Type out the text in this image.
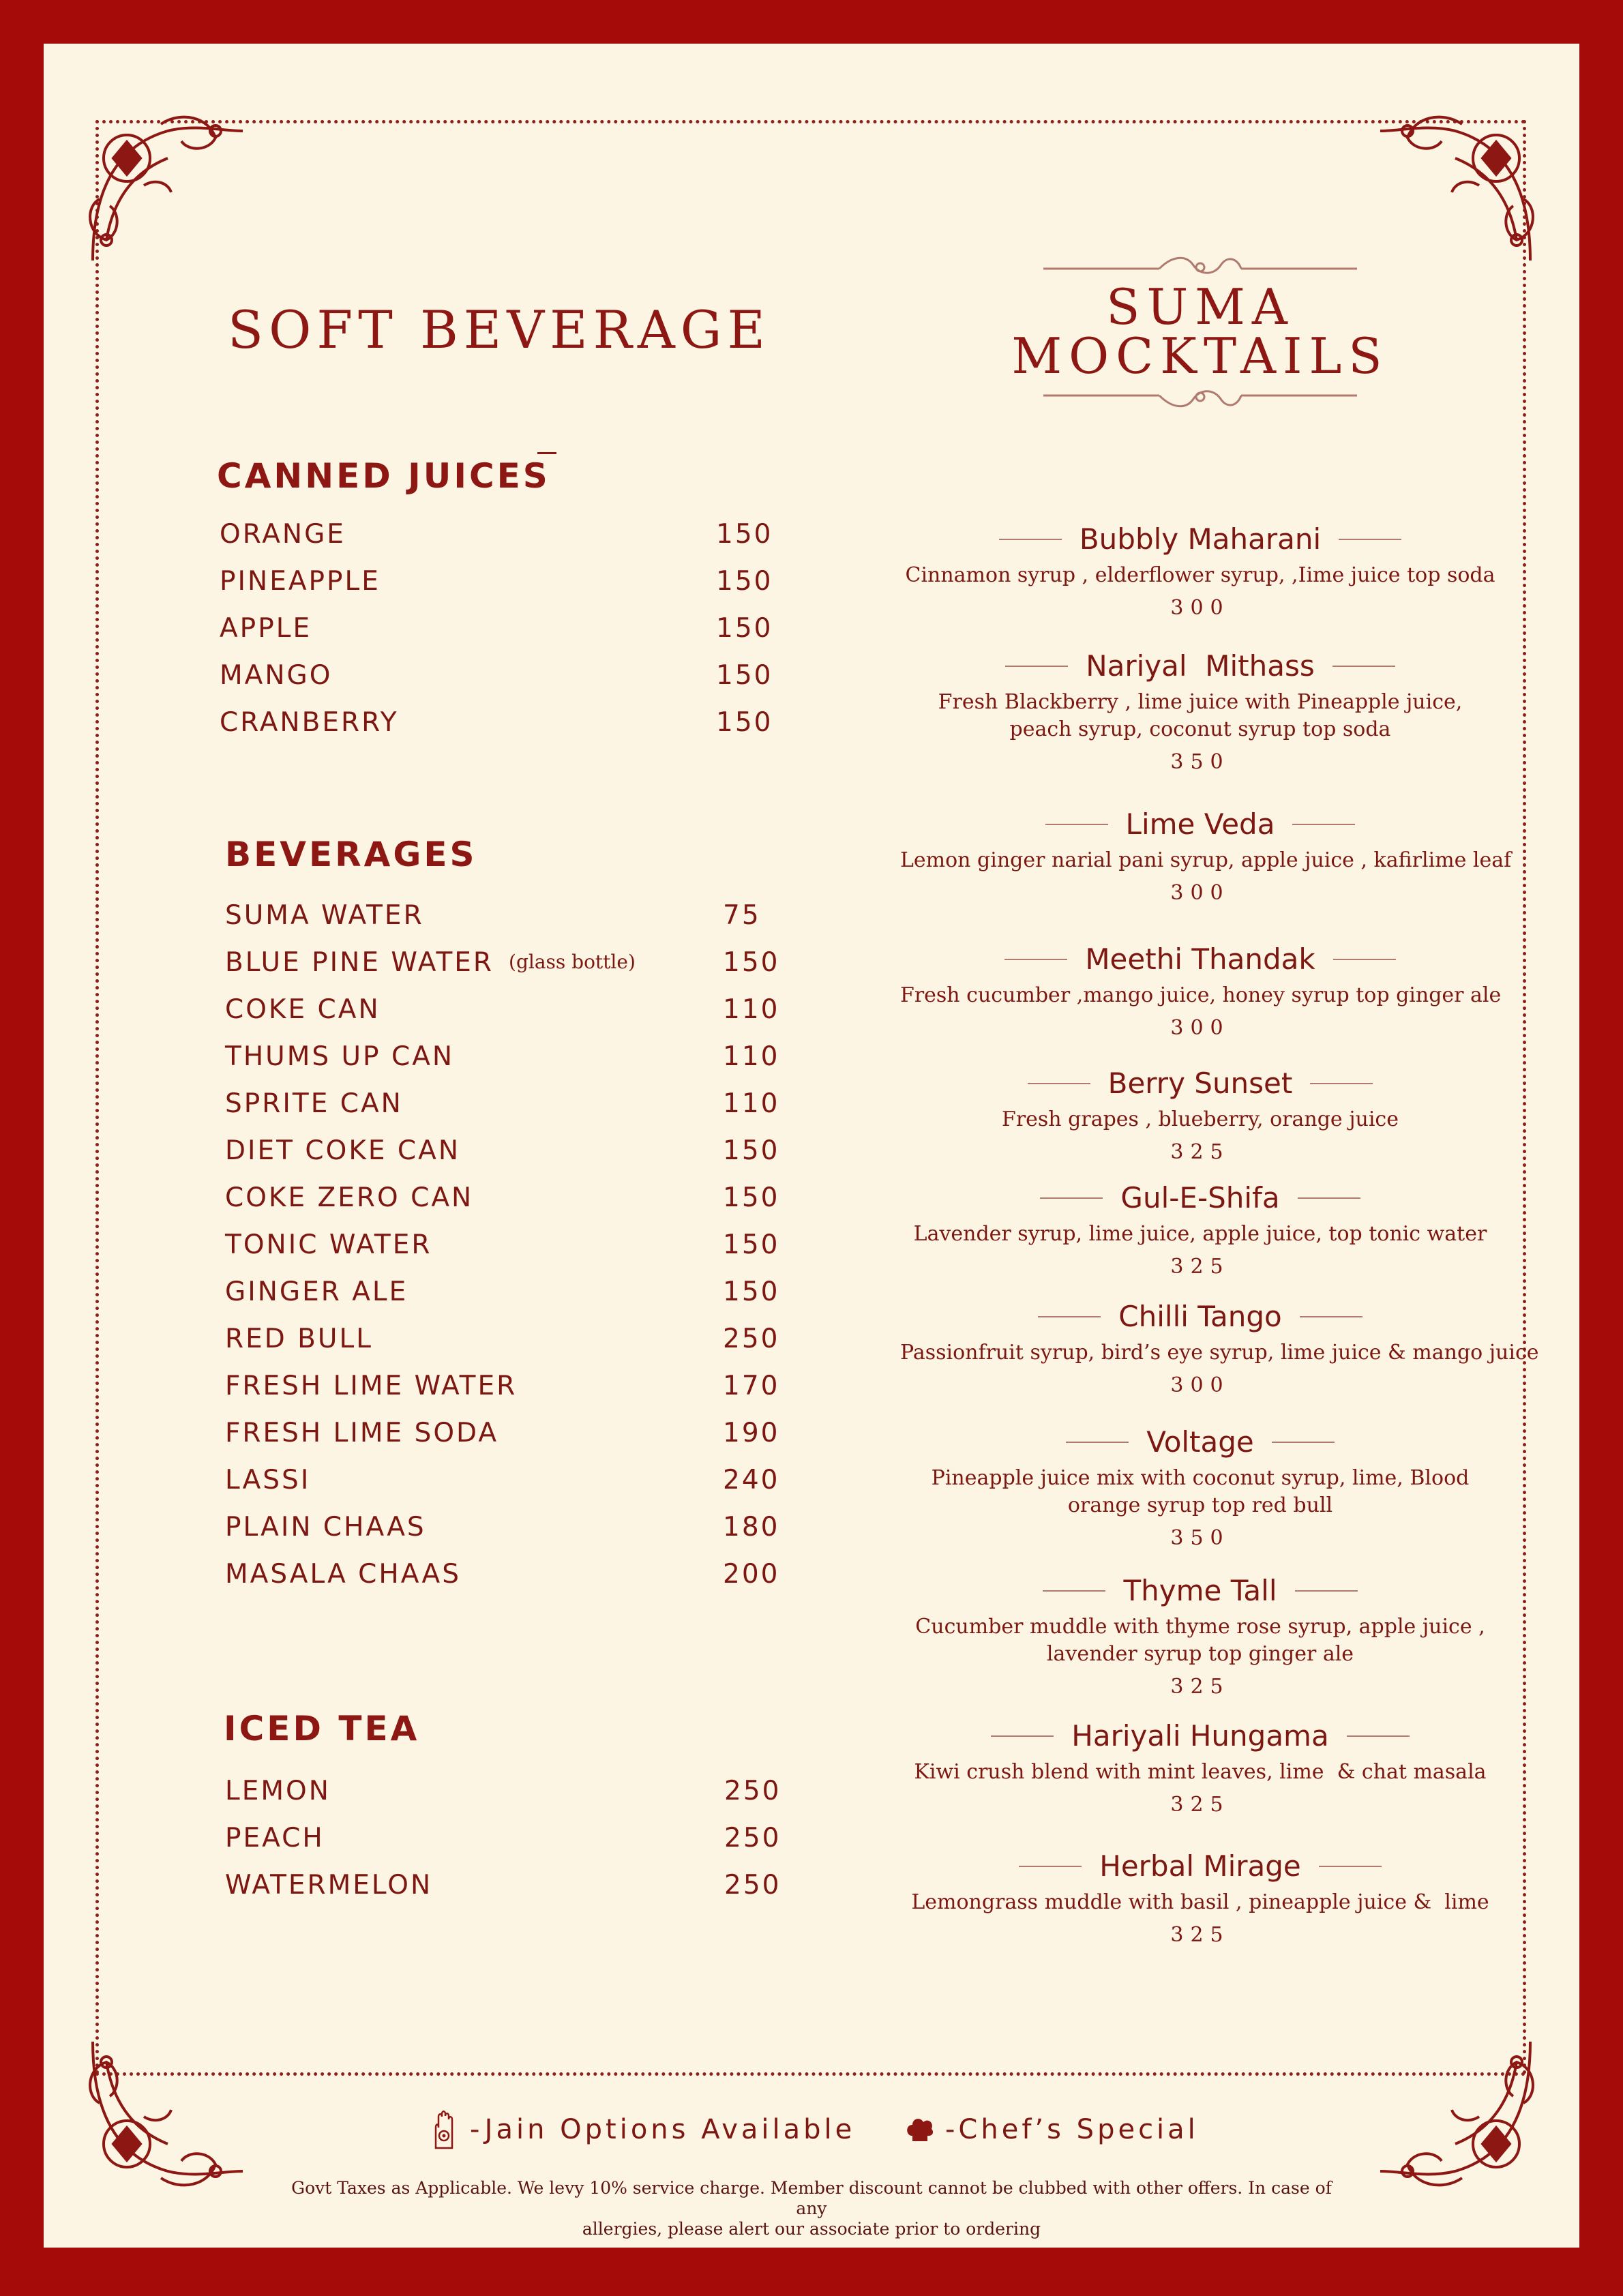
SOFT BEVERAGE
CANNED JUICES
ORANGE	150
PINEAPPLE	150
APPLE	150
MANGO	150
CRANBERRY	150
BEVERAGES
SUMA WATER	75
BLUE PINE WATER (glass bottle)	150
COKE CAN	110
THUMS UP CAN	110
SPRITE CAN	110
DIET COKE CAN	150
COKE ZERO CAN	150
TONIC WATER	150
GINGER ALE	150
RED BULL	250
FRESH LIME WATER	170
FRESH LIME SODA	190
LASSI	240
PLAIN CHAAS	180
MASALA CHAAS	200
ICED TEA
LEMON	250
PEACH	250
WATERMELON	250

SUMA

MOCKTAILS

Bubbly Maharani
Cinnamon syrup , elderflower syrup, ,Iime juice top soda
300
Nariyal  Mithass
Fresh Blackberry , lime juice with Pineapple juice,
peach syrup, coconut syrup top soda
350
Lime Veda
Lemon ginger narial pani syrup, apple juice , kafirlime leaf
300
Meethi Thandak
Fresh cucumber ,mango juice, honey syrup top ginger ale
300
Berry Sunset
Fresh grapes , blueberry, orange juice
325
Gul-E-Shifa
Lavender syrup, lime juice, apple juice, top tonic water
325
Chilli Tango
Passionfruit syrup, bird’s eye syrup, lime juice & mango juice
300
Voltage
Pineapple juice mix with coconut syrup, lime, Blood
orange syrup top red bull
350
Thyme Tall
Cucumber muddle with thyme rose syrup, apple juice ,
lavender syrup top ginger ale
325
Hariyali Hungama
Kiwi crush blend with mint leaves, lime  & chat masala
325
Herbal Mirage
Lemongrass muddle with basil , pineapple juice &  lime
325
-Jain Options Available	-Chef’s Special
Govt Taxes as Applicable. We levy 10% service charge. Member discount cannot be clubbed with other offers. In case of any
allergies, please alert our associate prior to ordering
